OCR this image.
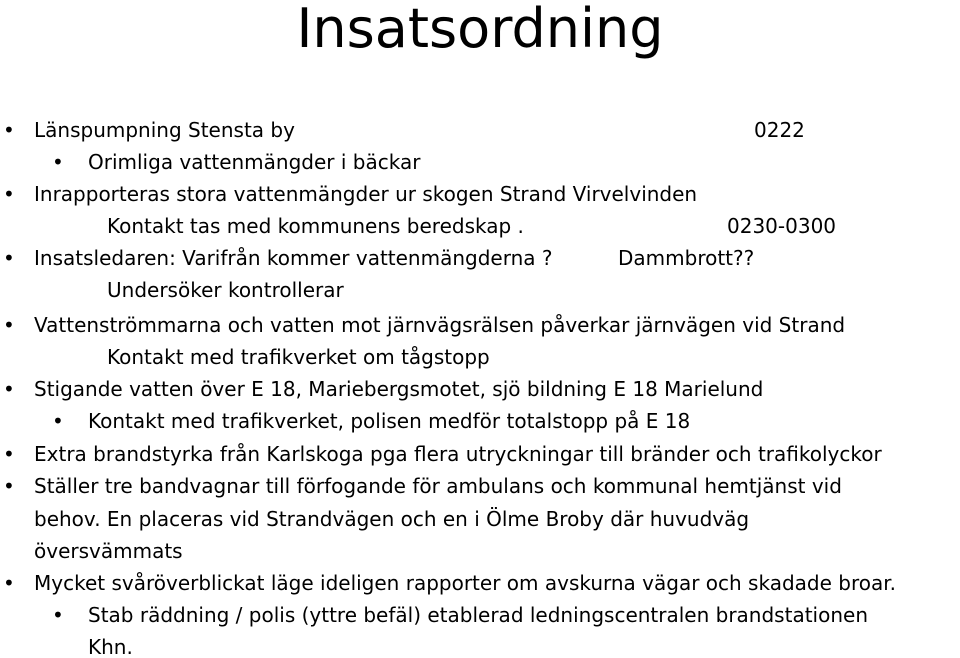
Insatsordning
• Länspumpning Stensta by	0222
• Orimliga vattenmängder i bäckar
• Inrapporteras stora vattenmängder ur skogen Strand Virvelvinden
Kontakt tas med kommunens beredskap .	0230-0300
• Insatsledaren: Varifrån kommer vattenmängderna ?	Dammbrott??
Undersöker kontrollerar
• Vattenströmmarna och vatten mot järnvägsrälsen påverkar järnvägen vid Strand
Kontakt med trafikverket om tågstopp
• Stigande vatten över E 18, Mariebergsmotet, sjö bildning E 18 Marielund
• Kontakt med trafikverket, polisen medför totalstopp på E 18
• Extra brandstyrka från Karlskoga pga flera utryckningar till bränder och trafikolyckor
• Ställer tre bandvagnar till förfogande för ambulans och kommunal hemtjänst vid
behov. En placeras vid Strandvägen och en i Ölme Broby där huvudväg
översvämmats
• Mycket svåröverblickat läge ideligen rapporter om avskurna vägar och skadade broar.
• Stab räddning / polis (yttre befäl) etablerad ledningscentralen brandstationen
Khn.
